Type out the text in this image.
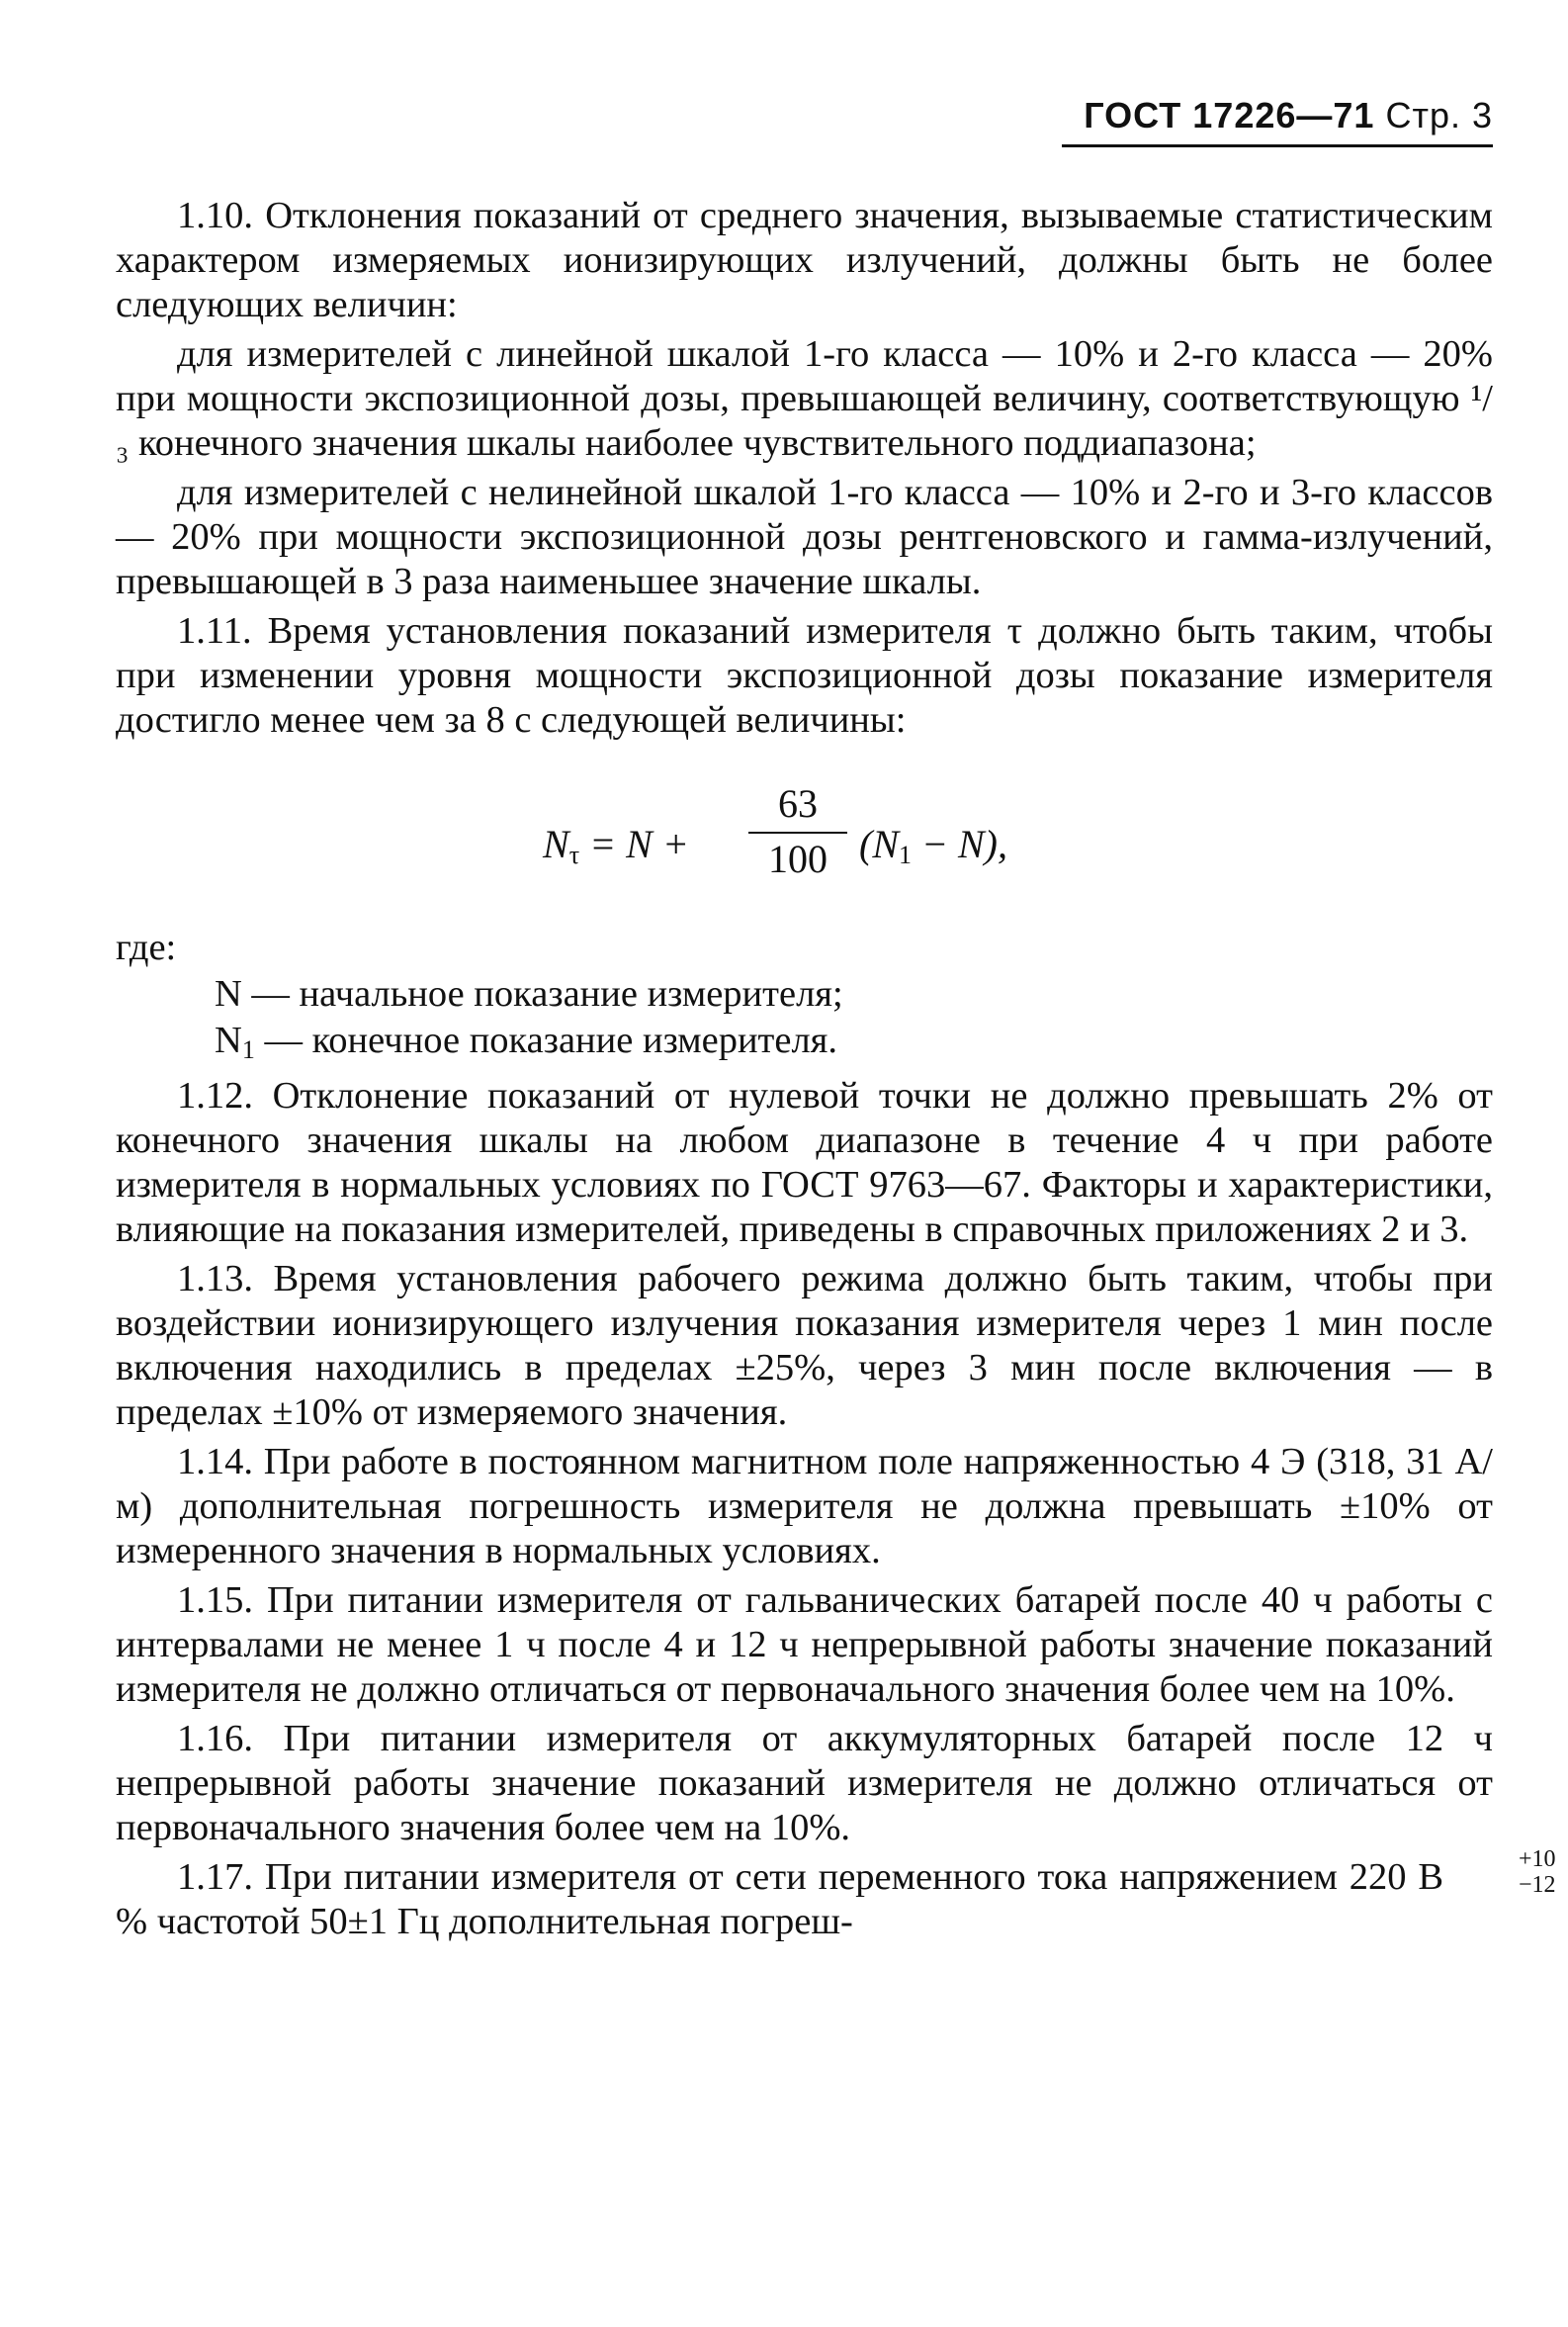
ГОСТ 17226—71 Стр. 3

1.10. Отклонения показаний от среднего значения, вызываемые статистическим характером измеряемых ионизирующих излучений, должны быть не более следующих величин:

для измерителей с линейной шкалой 1-го класса — 10% и 2-го класса — 20% при мощности экспозиционной дозы, превышающей величину, соответствующую ¹/₃ конечного значения шкалы наиболее чувствительного поддиапазона;

для измерителей с нелинейной шкалой 1-го класса — 10% и 2-го и 3-го классов — 20% при мощности экспозиционной дозы рентгеновского и гамма-излучений, превышающей в 3 раза наименьшее значение шкалы.

1.11. Время установления показаний измерителя τ должно быть таким, чтобы при изменении уровня мощности экспозиционной дозы показание измерителя достигло менее чем за 8 с следующей величины:

$N_\tau = N$ +
63
100 $(N_1 - N)$,

где:

N — начальное показание измерителя;

$N_1$ — конечное показание измерителя.

1.12. Отклонение показаний от нулевой точки не должно превышать 2% от конечного значения шкалы на любом диапазоне в течение 4 ч при работе измерителя в нормальных условиях по ГОСТ 9763—67. Факторы и характеристики, влияющие на показания измерителей, приведены в справочных приложениях 2 и 3.

1.13. Время установления рабочего режима должно быть таким, чтобы при воздействии ионизирующего излучения показания измерителя через 1 мин после включения находились в пределах ±25%, через 3 мин после включения — в пределах ±10% от измеряемого значения.

1.14. При работе в постоянном магнитном поле напряженностью 4 Э (318, 31 А/м) дополнительная погрешность измерителя не должна превышать ±10% от измеренного значения в нормальных условиях.

1.15. При питании измерителя от гальванических батарей после 40 ч работы с интервалами не менее 1 ч после 4 и 12 ч непрерывной работы значение показаний измерителя не должно отличаться от первоначального значения более чем на 10%.

1.16. При питании измерителя от аккумуляторных батарей после 12 ч непрерывной работы значение показаний измерителя не должно отличаться от первоначального значения более чем на 10%.

1.17. При питании измерителя от сети переменного тока напряжением 220 В	+10
−12
% частотой 50±1 Гц дополнительная погреш-
